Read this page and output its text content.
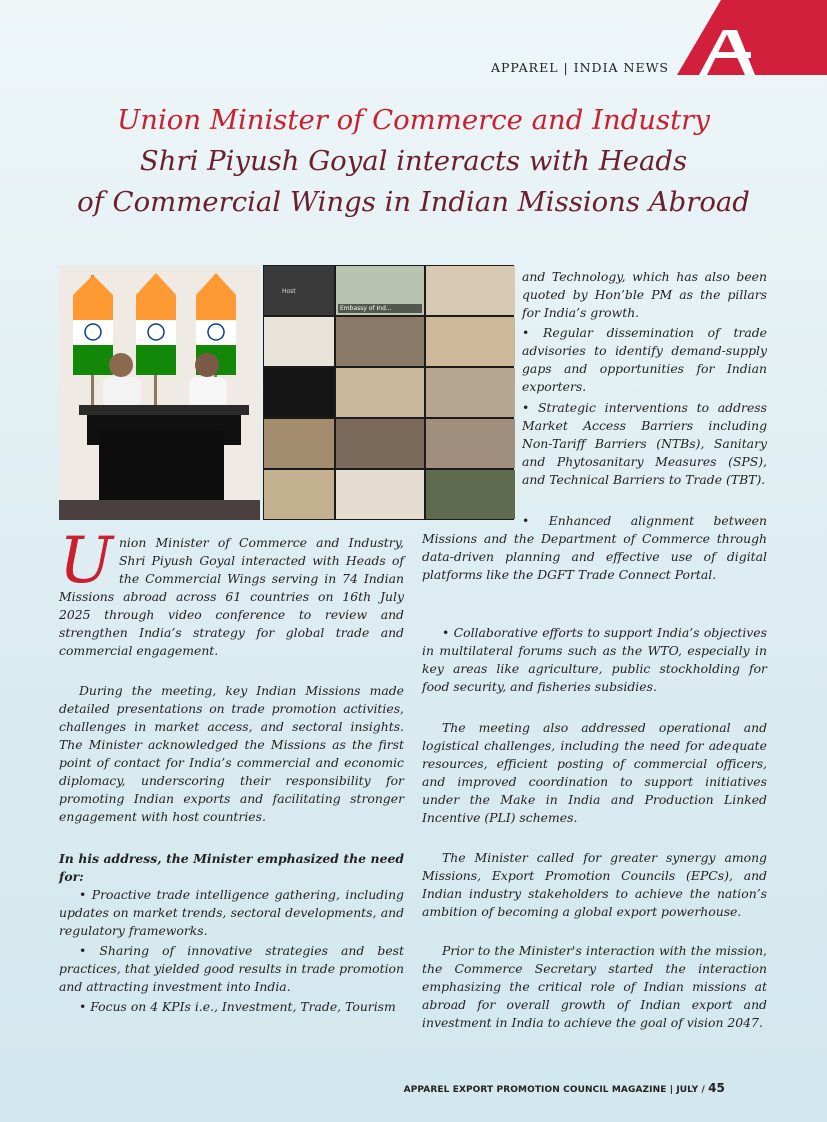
APPAREL | INDIA NEWS
Union Minister of Commerce and Industry
Shri Piyush Goyal interacts with Heads
of Commercial Wings in Indian Missions Abroad
Host
Embassy of Ind...

Union Minister of Commerce and Industry, Shri Piyush Goyal interacted with Heads of the Commercial Wings serving in 74 Indian Missions abroad across 61 countries on 16th July 2025 through video conference to review and strengthen India’s strategy for global trade and commercial engagement.

During the meeting, key Indian Missions made detailed presentations on trade promotion activities, challenges in market access, and sectoral insights. The Minister acknowledged the Missions as the first point of contact for India’s commercial and economic diplomacy, underscoring their responsibility for promoting Indian exports and facilitating stronger engagement with host countries.
In his address, the Minister emphasized the need for:
• Proactive trade intelligence gathering, including updates on market trends, sectoral developments, and regulatory frameworks.
• Sharing of innovative strategies and best practices, that yielded good results in trade promotion and attracting investment into India.
• Focus on 4 KPIs i.e., Investment, Trade, Tourism
and Technology, which has also been quoted by Hon’ble PM as the pillars for India’s growth.
• Regular dissemination of trade advisories to identify demand-supply gaps and opportunities for Indian exporters.
• Strategic interventions to address Market Access Barriers including Non-Tariff Barriers (NTBs), Sanitary and Phytosanitary Measures (SPS), and Technical Barriers to Trade (TBT).
• Enhanced alignment between Missions and the Department of Commerce through data-driven planning and effective use of digital platforms like the DGFT Trade Connect Portal.
• Collaborative efforts to support India’s objectives in multilateral forums such as the WTO, especially in key areas like agriculture, public stockholding for food security, and fisheries subsidies.
The meeting also addressed operational and logistical challenges, including the need for adequate resources, efficient posting of commercial officers, and improved coordination to support initiatives under the Make in India and Production Linked Incentive (PLI) schemes.
The Minister called for greater synergy among Missions, Export Promotion Councils (EPCs), and Indian industry stakeholders to achieve the nation’s ambition of becoming a global export powerhouse.
Prior to the Minister's interaction with the mission, the Commerce Secretary started the interaction emphasizing the critical role of Indian missions at abroad for overall growth of Indian export and investment in India to achieve the goal of vision 2047.
APPAREL EXPORT PROMOTION COUNCIL MAGAZINE | JULY / 45
